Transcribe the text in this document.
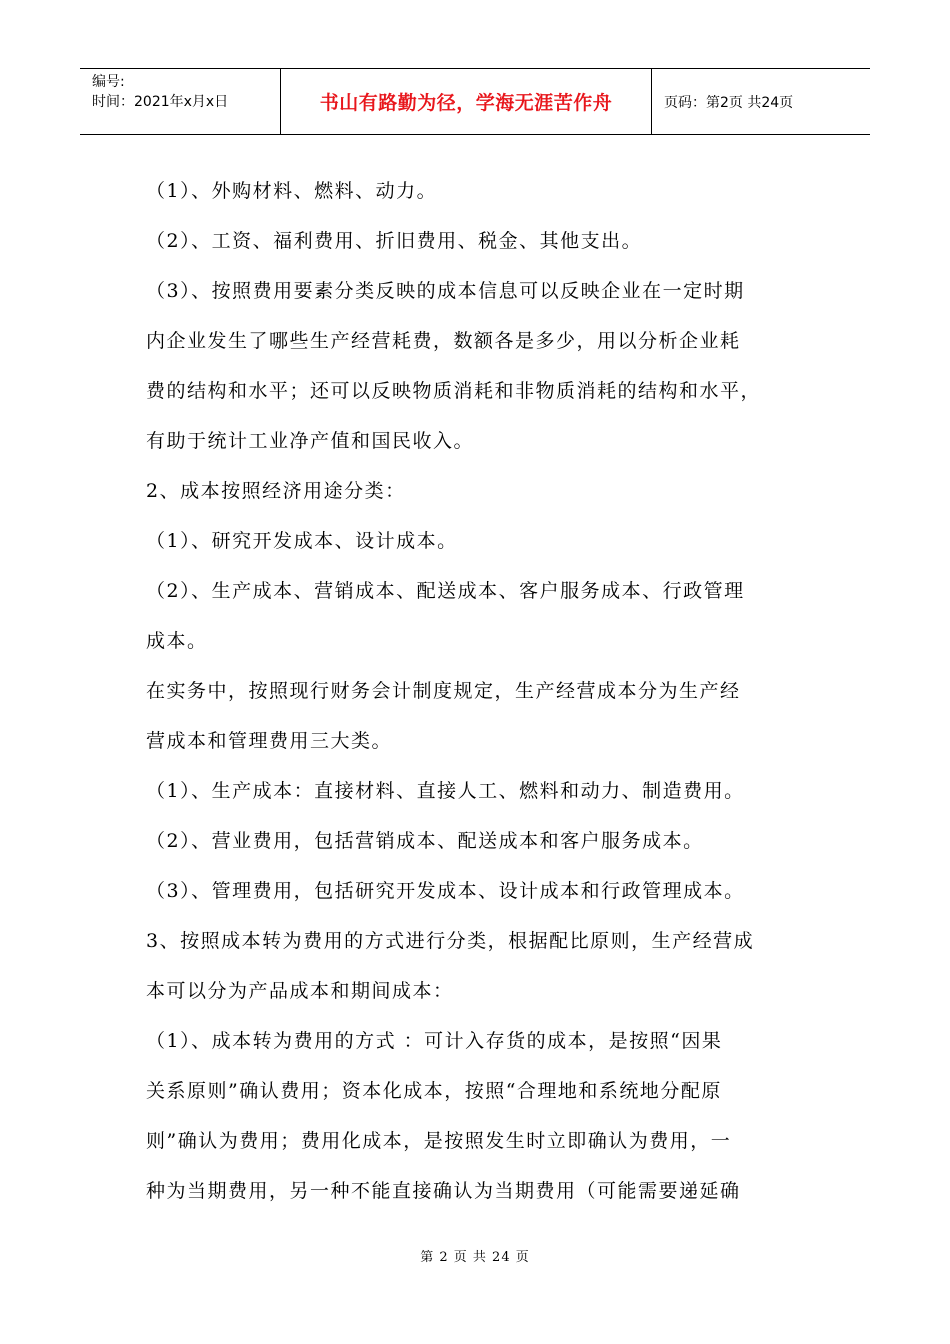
编号:
时间：2021年x月x日	书山有路勤为径，学海无涯苦作舟	页码：第2页 共24页

（1）、外购材料、燃料、动力。

（2）、工资、福利费用、折旧费用、税金、其他支出。

（3）、按照费用要素分类反映的成本信息可以反映企业在一定时期

内企业发生了哪些生产经营耗费，数额各是多少，用以分析企业耗

费的结构和水平；还可以反映物质消耗和非物质消耗的结构和水平，

有助于统计工业净产值和国民收入。

2、成本按照经济用途分类：

（1）、研究开发成本、设计成本。

（2）、生产成本、营销成本、配送成本、客户服务成本、行政管理

成本。

在实务中，按照现行财务会计制度规定，生产经营成本分为生产经

营成本和管理费用三大类。

（1）、生产成本：直接材料、直接人工、燃料和动力、制造费用。

（2）、营业费用，包括营销成本、配送成本和客户服务成本。

（3）、管理费用，包括研究开发成本、设计成本和行政管理成本。

3、按照成本转为费用的方式进行分类，根据配比原则，生产经营成

本可以分为产品成本和期间成本：

（1）、成本转为费用的方式 ：可计入存货的成本，是按照“因果

关系原则”确认费用；资本化成本，按照“合理地和系统地分配原

则”确认为费用；费用化成本，是按照发生时立即确认为费用，一

种为当期费用，另一种不能直接确认为当期费用（可能需要递延确

第 2 页 共 24 页
